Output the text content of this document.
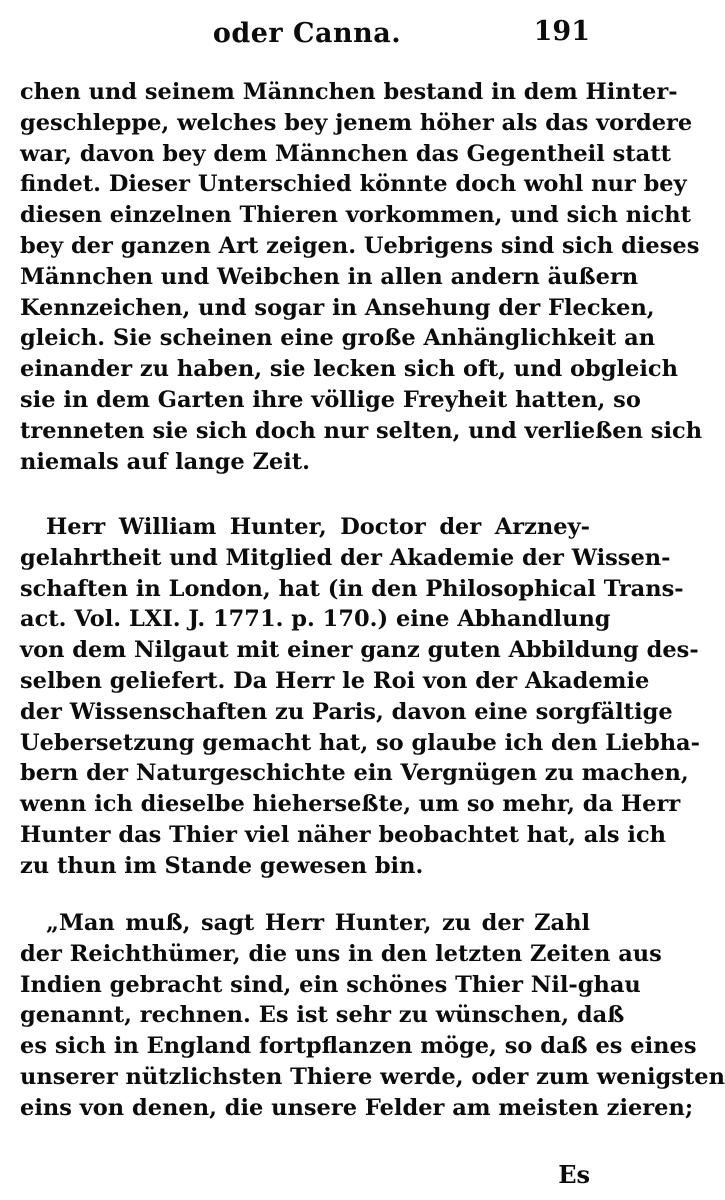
oder Canna.	191
chen und seinem Männchen bestand in dem Hinter-
geschleppe, welches bey jenem höher als das vordere
war, davon bey dem Männchen das Gegentheil statt
findet. Dieser Unterschied könnte doch wohl nur bey
diesen einzelnen Thieren vorkommen, und sich nicht
bey der ganzen Art zeigen. Uebrigens sind sich dieses
Männchen und Weibchen in allen andern äußern
Kennzeichen, und sogar in Ansehung der Flecken,
gleich. Sie scheinen eine große Anhänglichkeit an
einander zu haben, sie lecken sich oft, und obgleich
sie in dem Garten ihre völlige Freyheit hatten, so
trenneten sie sich doch nur selten, und verließen sich
niemals auf lange Zeit.
Herr William Hunter, Doctor der Arzney-
gelahrtheit und Mitglied der Akademie der Wissen-
schaften in London, hat (in den Philosophical Trans-
act. Vol. LXI. J. 1771. p. 170.) eine Abhandlung
von dem Nilgaut mit einer ganz guten Abbildung des-
selben geliefert. Da Herr le Roi von der Akademie
der Wissenschaften zu Paris, davon eine sorgfältige
Uebersetzung gemacht hat, so glaube ich den Liebha-
bern der Naturgeschichte ein Vergnügen zu machen,
wenn ich dieselbe hieherseßte, um so mehr, da Herr
Hunter das Thier viel näher beobachtet hat, als ich
zu thun im Stande gewesen bin.
„Man muß, sagt Herr Hunter, zu der Zahl
der Reichthümer, die uns in den letzten Zeiten aus
Indien gebracht sind, ein schönes Thier Nil-ghau
genannt, rechnen. Es ist sehr zu wünschen, daß
es sich in England fortpflanzen möge, so daß es eines
unserer nützlichsten Thiere werde, oder zum wenigsten
eins von denen, die unsere Felder am meisten zieren;
Es
